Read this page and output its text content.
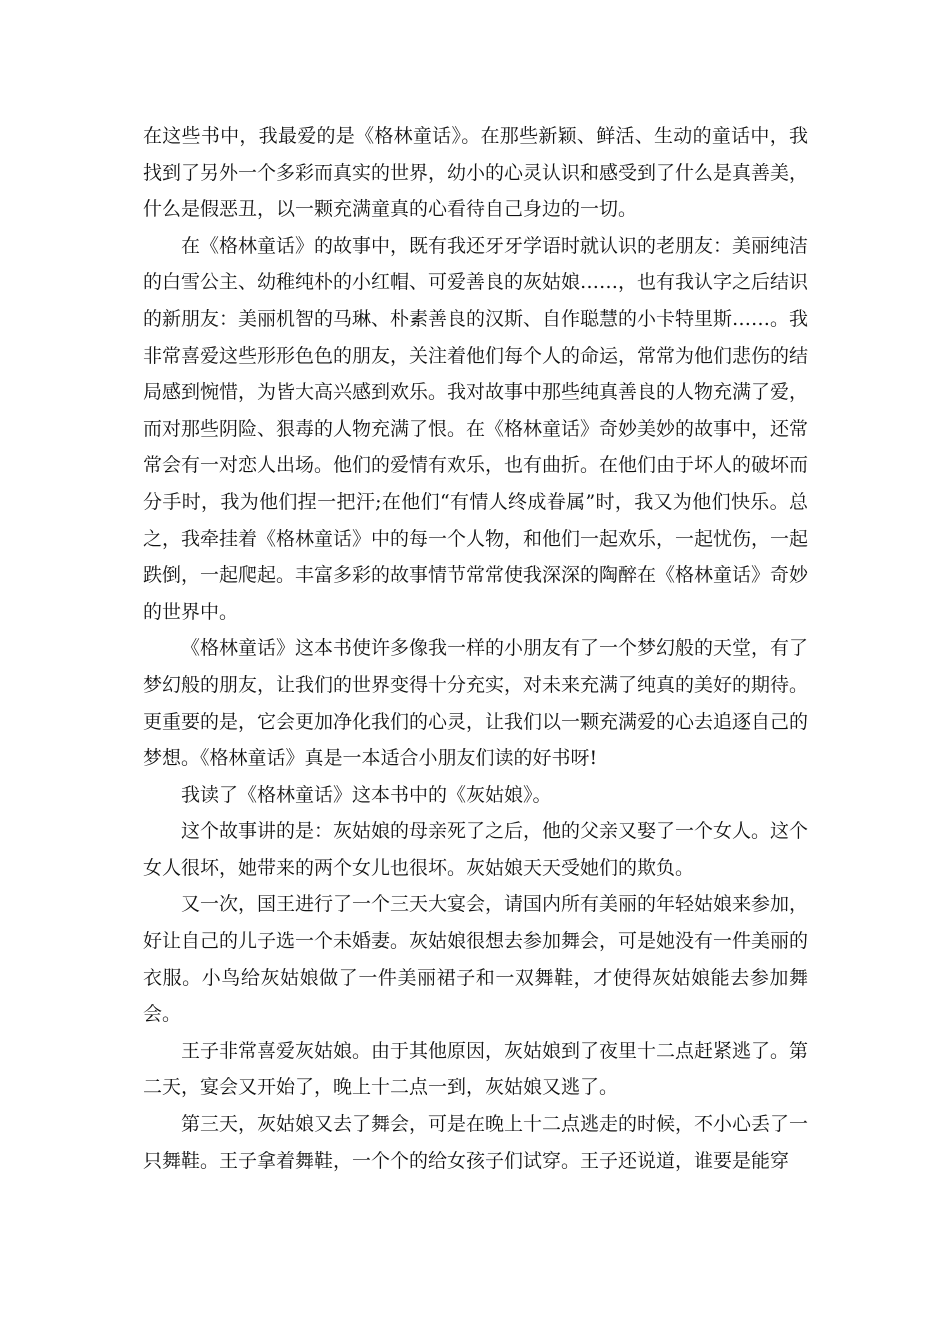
在这些书中，我最爱的是《格林童话》。在那些新颖、鲜活、生动的童话中，我找到了另外一个多彩而真实的世界，幼小的心灵认识和感受到了什么是真善美，什么是假恶丑，以一颗充满童真的心看待自己身边的一切。

在《格林童话》的故事中，既有我还牙牙学语时就认识的老朋友：美丽纯洁的白雪公主、幼稚纯朴的小红帽、可爱善良的灰姑娘……，也有我认字之后结识的新朋友：美丽机智的马琳、朴素善良的汉斯、自作聪慧的小卡特里斯……。我非常喜爱这些形形色色的朋友，关注着他们每个人的命运，常常为他们悲伤的结局感到惋惜，为皆大高兴感到欢乐。我对故事中那些纯真善良的人物充满了爱，而对那些阴险、狠毒的人物充满了恨。在《格林童话》奇妙美妙的故事中，还常常会有一对恋人出场。他们的爱情有欢乐，也有曲折。在他们由于坏人的破坏而分手时，我为他们捏一把汗;在他们“有情人终成眷属”时，我又为他们快乐。总之，我牵挂着《格林童话》中的每一个人物，和他们一起欢乐，一起忧伤，一起跌倒，一起爬起。丰富多彩的故事情节常常使我深深的陶醉在《格林童话》奇妙的世界中。

《格林童话》这本书使许多像我一样的小朋友有了一个梦幻般的天堂，有了梦幻般的朋友，让我们的世界变得十分充实，对未来充满了纯真的美好的期待。更重要的是，它会更加净化我们的心灵，让我们以一颗充满爱的心去追逐自己的梦想。《格林童话》真是一本适合小朋友们读的好书呀!

我读了《格林童话》这本书中的《灰姑娘》。

这个故事讲的是：灰姑娘的母亲死了之后，他的父亲又娶了一个女人。这个女人很坏，她带来的两个女儿也很坏。灰姑娘天天受她们的欺负。

又一次，国王进行了一个三天大宴会，请国内所有美丽的年轻姑娘来参加，好让自己的儿子选一个未婚妻。灰姑娘很想去参加舞会，可是她没有一件美丽的衣服。小鸟给灰姑娘做了一件美丽裙子和一双舞鞋，才使得灰姑娘能去参加舞会。

王子非常喜爱灰姑娘。由于其他原因，灰姑娘到了夜里十二点赶紧逃了。第二天，宴会又开始了，晚上十二点一到，灰姑娘又逃了。

第三天，灰姑娘又去了舞会，可是在晚上十二点逃走的时候，不小心丢了一只舞鞋。王子拿着舞鞋，一个个的给女孩子们试穿。王子还说道，谁要是能穿
